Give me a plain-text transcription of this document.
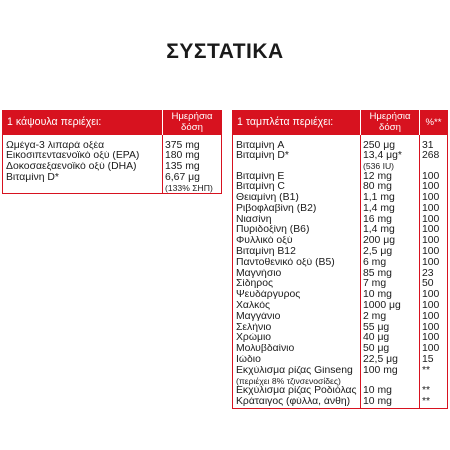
ΣΥΣΤΑΤΙΚΑ
1 κάψουλα περιέχει:	Ημερήσια
δόση

Ωμέγα-3 λιπαρά οξέα	375 mg
Εικοσιπενταενοϊκό οξύ (EPA)	180 mg
Δοκοσαεξαενοϊκό οξύ (DHA)	135 mg
Βιταμίνη D*	6,67 μg
	(133% ΣΗΠ)
1 ταμπλέτα περιέχει:	Ημερήσια
δόση	%**

Βιταμίνη A	250 μg	31
Βιταμίνη D*	13,4 μg*	268
	(536 IU)	
Βιταμίνη E	12 mg	100
Βιταμίνη C	80 mg	100
Θειαμίνη (B1)	1,1 mg	100
Ριβοφλαβίνη (B2)	1,4 mg	100
Νιασίνη	16 mg	100
Πυριδοξίνη (B6)	1,4 mg	100
Φυλλικό οξύ	200 μg	100
Βιταμίνη B12	2,5 μg	100
Παντοθενικό οξύ (B5)	6 mg	100
Μαγνήσιο	85 mg	23
Σίδηρος	7 mg	50
Ψευδάργυρος	10 mg	100
Χαλκός	1000 μg	100
Μαγγάνιο	2 mg	100
Σελήνιο	55 μg	100
Χρώμιο	40 μg	100
Μολυβδαίνιο	50 μg	100
Ιώδιο	22,5 μg	15
Εκχύλισμα ρίζας Ginseng	100 mg	**
(περιέχει 8% τζινσενοσίδες)		
Εκχύλισμα ρίζας Ροδιόλας	10 mg	**
Κράταιγος (φύλλα, άνθη)	10 mg	**
